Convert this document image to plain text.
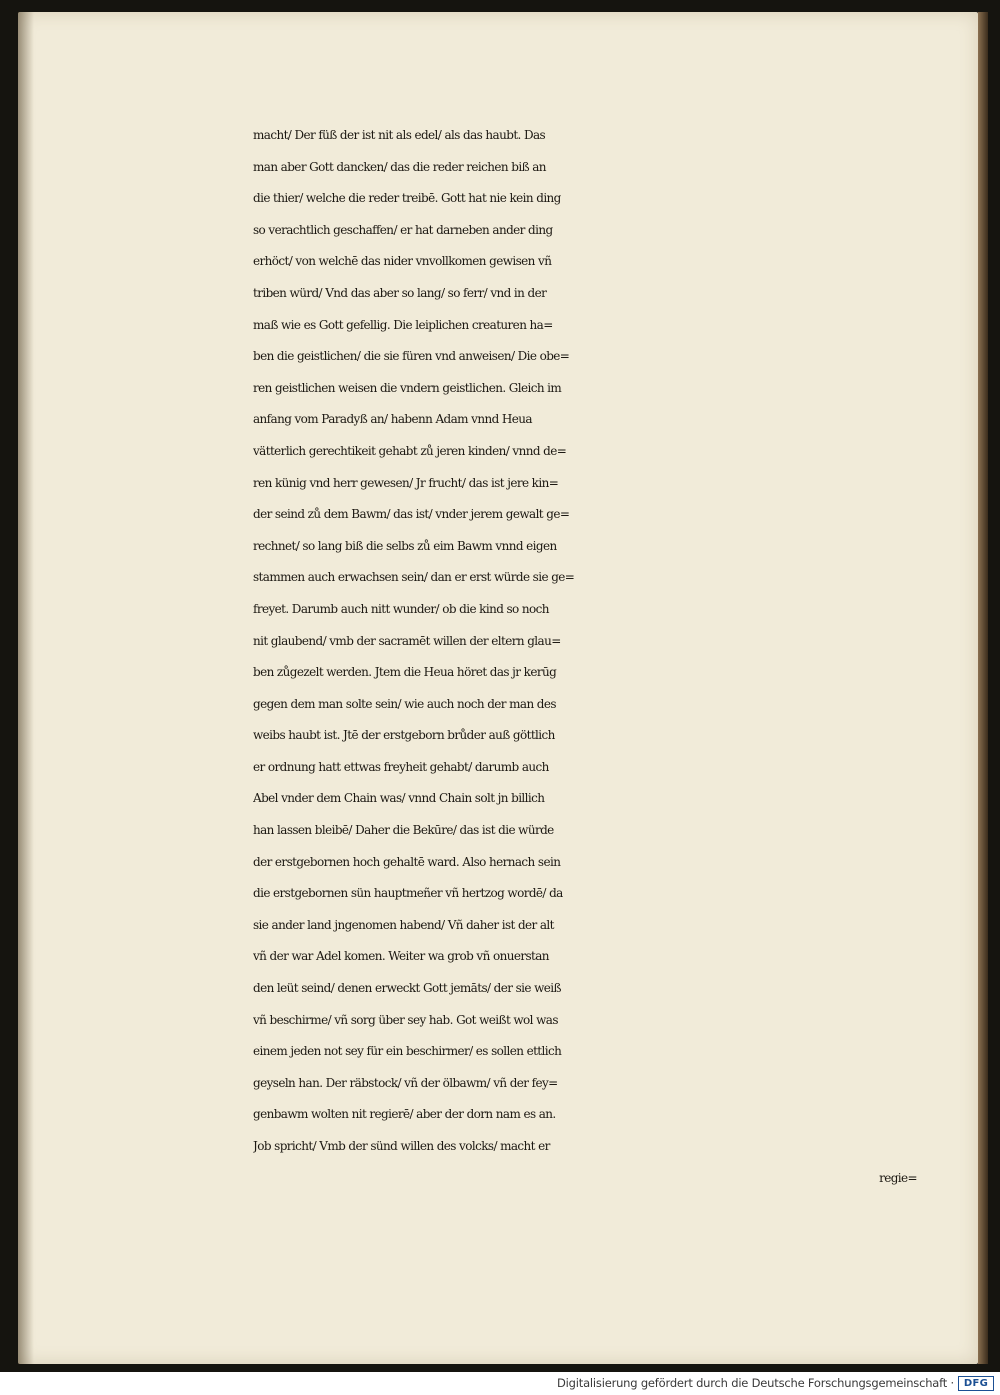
macht/ Der füß der ist nit als edel/ als das haubt. Das
man aber Gott dancken/ das die reder reichen biß an
die thier/ welche die reder treibē. Gott hat nie kein ding
so verachtlich geschaffen/ er hat darneben ander ding
erhöct/ von welchē das nider vnvollkomen gewisen vñ
triben würd/ Vnd das aber so lang/ so ferr/ vnd in der
maß wie es Gott gefellig. Die leiplichen creaturen ha=
ben die geistlichen/ die sie füren vnd anweisen/ Die obe=
ren geistlichen weisen die vndern geistlichen. Gleich im
anfang vom Paradyß an/ habenn Adam vnnd Heua
vätterlich gerechtikeit gehabt zů jeren kinden/ vnnd de=
ren künig vnd herr gewesen/ Jr frucht/ das ist jere kin=
der seind zů dem Bawm/ das ist/ vnder jerem gewalt ge=
rechnet/ so lang biß die selbs zů eim Bawm vnnd eigen
stammen auch erwachsen sein/ dan er erst würde sie ge=
freyet. Darumb auch nitt wunder/ ob die kind so noch
nit glaubend/ vmb der sacramēt willen der eltern glau=
ben zůgezelt werden. Jtem die Heua höret das jr kerūg
gegen dem man solte sein/ wie auch noch der man des
weibs haubt ist. Jtē der erstgeborn brůder auß göttlich
er ordnung hatt ettwas freyheit gehabt/ darumb auch
Abel vnder dem Chain was/ vnnd Chain solt jn billich
han lassen bleibē/ Daher die Bekūre/ das ist die würde
der erstgebornen hoch gehaltē ward. Also hernach sein
die erstgebornen sün hauptmeñer vñ hertzog wordē/ da
sie ander land jngenomen habend/ Vñ daher ist der alt
vñ der war Adel komen. Weiter wa grob vñ onuerstan
den leüt seind/ denen erweckt Gott jemāts/ der sie weiß
vñ beschirme/ vñ sorg über sey hab. Got weißt wol was
einem jeden not sey für ein beschirmer/ es sollen ettlich
geyseln han. Der räbstock/ vñ der ölbawm/ vñ der fey=
genbawm wolten nit regierē/ aber der dorn nam es an.
Job spricht/ Vmb der sünd willen des volcks/ macht er
regie=
Digitalisierung gefördert durch die Deutsche Forschungsgemeinschaft · DFG
